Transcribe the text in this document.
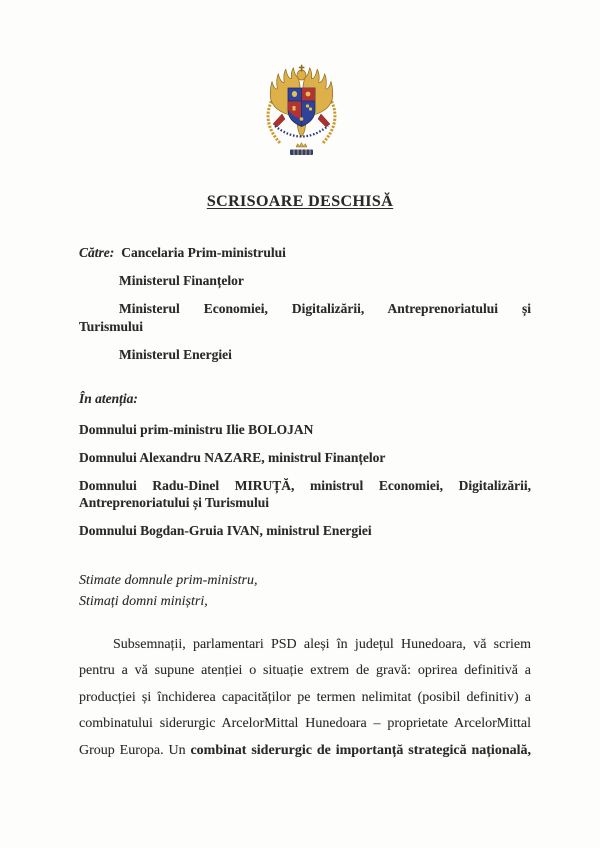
SCRISOARE DESCHISĂ

Către: Cancelaria Prim-ministrului

Ministerul Finanțelor

Ministerul Economiei, Digitalizării, Antreprenoriatului și
Turismului

Ministerul Energiei

În atenția:

Domnului prim-ministru Ilie BOLOJAN

Domnului Alexandru NAZARE, ministrul Finanțelor

Domnului Radu-Dinel MIRUȚĂ, ministrul Economiei, Digitalizării,
Antreprenoriatului și Turismului

Domnului Bogdan-Gruia IVAN, ministrul Energiei

Stimate domnule prim-ministru,

Stimați domni miniștri,

Subsemnații, parlamentari PSD aleși în județul Hunedoara, vă scriem
pentru a vă supune atenției o situație extrem de gravă: oprirea definitivă a
producției și închiderea capacităților pe termen nelimitat (posibil definitiv) a
combinatului siderurgic ArcelorMittal Hunedoara – proprietate ArcelorMittal
Group Europa. Un combinat siderurgic de importanță strategică națională,
